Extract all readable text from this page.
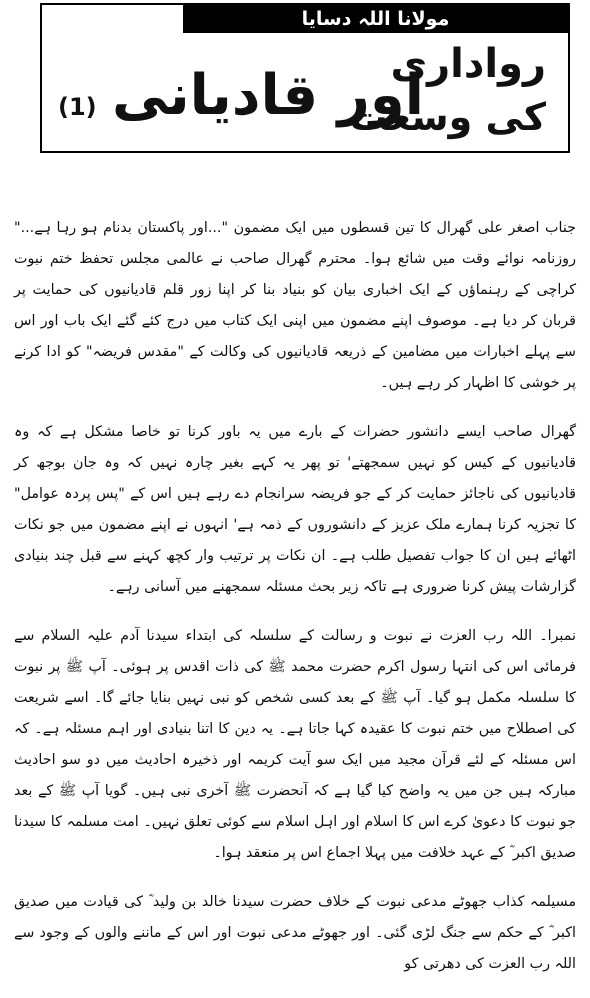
مولانا اللہ دسایا
رواداری
کی وسعت
اور قادیانی
(1)

جناب اصغر علی گھرال کا تین قسطوں میں ایک مضمون "...اور پاکستان بدنام ہو رہا ہے..." روزنامہ نوائے وقت میں شائع ہوا۔ محترم گھرال صاحب نے عالمی مجلس تحفظ ختم نبوت کراچی کے رہنماؤں کے ایک اخباری بیان کو بنیاد بنا کر اپنا زور قلم قادیانیوں کی حمایت پر قربان کر دیا ہے۔ موصوف اپنے مضمون میں اپنی ایک کتاب میں درج کئے گئے ایک باب اور اس سے پہلے اخبارات میں مضامین کے ذریعہ قادیانیوں کی وکالت کے "مقدس فریضہ" کو ادا کرنے پر خوشی کا اظہار کر رہے ہیں۔

گھرال صاحب ایسے دانشور حضرات کے بارے میں یہ باور کرنا تو خاصا مشکل ہے کہ وہ قادیانیوں کے کیس کو نہیں سمجھتے' تو پھر یہ کہے بغیر چارہ نہیں کہ وہ جان بوجھ کر قادیانیوں کی ناجائز حمایت کر کے جو فریضہ سرانجام دے رہے ہیں اس کے "پس پردہ عوامل" کا تجزیہ کرنا ہمارے ملک عزیز کے دانشوروں کے ذمہ ہے' انہوں نے اپنے مضمون میں جو نکات اٹھائے ہیں ان کا جواب تفصیل طلب ہے۔ ان نکات پر ترتیب وار کچھ کہنے سے قبل چند بنیادی گزارشات پیش کرنا ضروری ہے تاکہ زیر بحث مسئلہ سمجھنے میں آسانی رہے۔

نمبرا۔ اللہ رب العزت نے نبوت و رسالت کے سلسلہ کی ابتداء سیدنا آدم علیہ السلام سے فرمائی اس کی انتہا رسول اکرم حضرت محمد ﷺ کی ذات اقدس پر ہوئی۔ آپ ﷺ پر نبوت کا سلسلہ مکمل ہو گیا۔ آپ ﷺ کے بعد کسی شخص کو نبی نہیں بنایا جائے گا۔ اسے شریعت کی اصطلاح میں ختم نبوت کا عقیدہ کہا جاتا ہے۔ یہ دین کا اتنا بنیادی اور اہم مسئلہ ہے۔ کہ اس مسئلہ کے لئے قرآن مجید میں ایک سو آیت کریمہ اور ذخیرہ احادیث میں دو سو احادیث مبارکہ ہیں جن میں یہ واضح کیا گیا ہے کہ آنحضرت ﷺ آخری نبی ہیں۔ گویا آپ ﷺ کے بعد جو نبوت کا دعویٰ کرے اس کا اسلام اور اہل اسلام سے کوئی تعلق نہیں۔ امت مسلمہ کا سیدنا صدیق اکبر ؓ کے عہد خلافت میں پہلا اجماع اس پر منعقد ہوا۔

مسیلمہ کذاب جھوٹے مدعی نبوت کے خلاف حضرت سیدنا خالد بن ولید ؓ کی قیادت میں صدیق اکبر ؓ کے حکم سے جنگ لڑی گئی۔ اور جھوٹے مدعی نبوت اور اس کے ماننے والوں کے وجود سے اللہ رب العزت کی دھرتی کو
